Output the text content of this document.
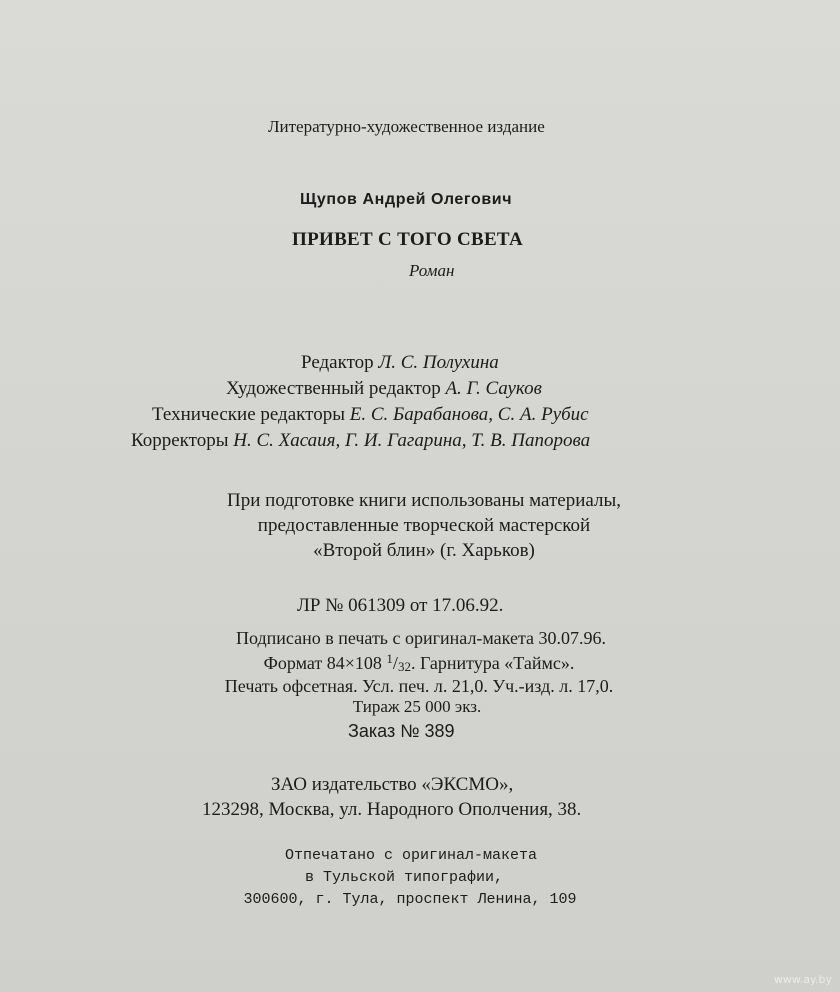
Литературно-художественное издание
Щупов Андрей Олегович
ПРИВЕТ С ТОГО СВЕТА
Роман
Редактор Л. С. Полухина
Художественный редактор А. Г. Сауков
Технические редакторы Е. С. Барабанова, С. А. Рубис
Корректоры Н. С. Хасаия, Г. И. Гагарина, Т. В. Папорова
При подготовке книги использованы материалы,
предоставленные творческой мастерской
«Второй блин» (г. Харьков)
ЛР № 061309 от 17.06.92.
Подписано в печать с оригинал-макета 30.07.96.
Формат 84×108 $^1$/32. Гарнитура «Таймс».
Печать офсетная. Усл. печ. л. 21,0. Уч.-изд. л. 17,0.
Тираж 25 000 экз.
Заказ № 389
ЗАО издательство «ЭКСМО»,
123298, Москва, ул. Народного Ополчения, 38.
Отпечатано с оригинал-макета
в Тульской типографии,
300600, г. Тула, проспект Ленина, 109
www.ay.by
